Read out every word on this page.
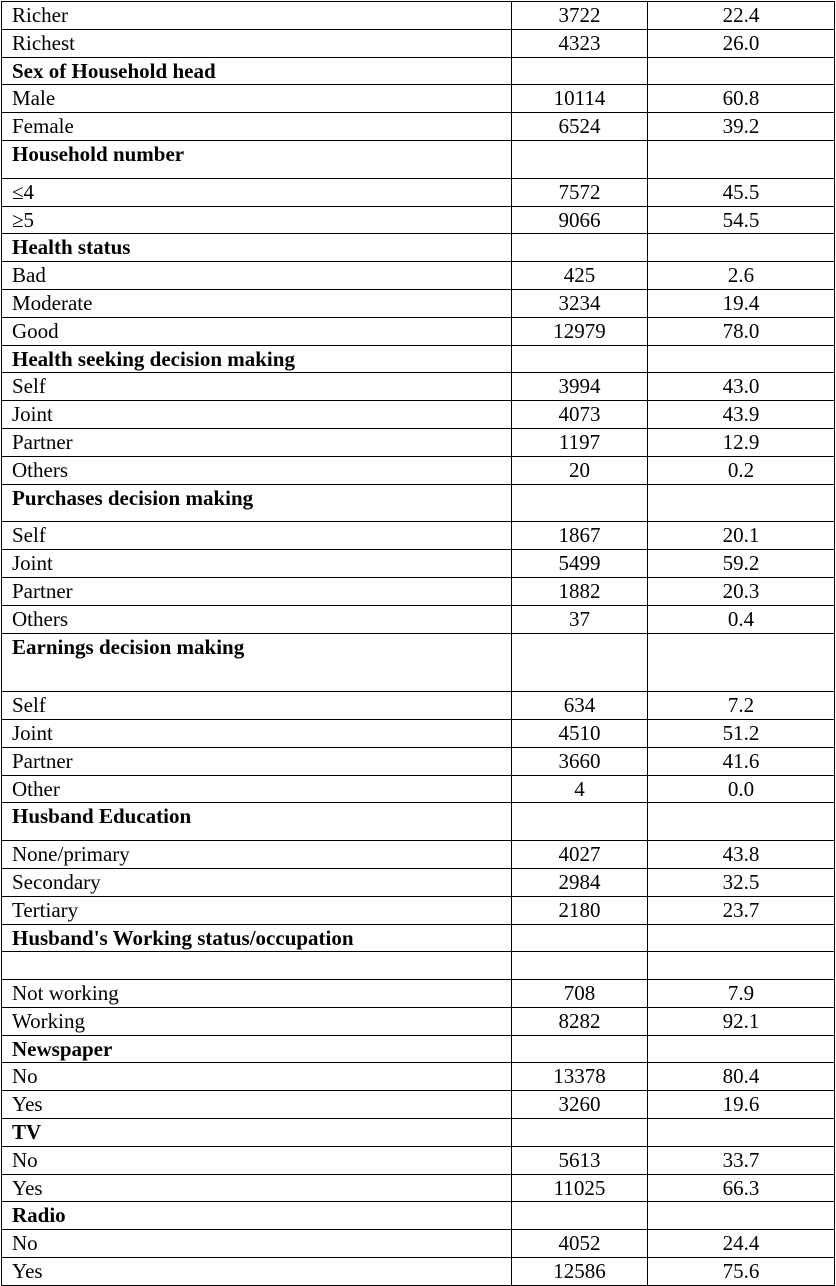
Richer	3722	22.4
Richest	4323	26.0
Sex of Household head		
Male	10114	60.8
Female	6524	39.2
Household number		
≤4	7572	45.5
≥5	9066	54.5
Health status		
Bad	425	2.6
Moderate	3234	19.4
Good	12979	78.0
Health seeking decision making		
Self	3994	43.0
Joint	4073	43.9
Partner	1197	12.9
Others	20	0.2
Purchases decision making		
Self	1867	20.1
Joint	5499	59.2
Partner	1882	20.3
Others	37	0.4
Earnings decision making		
Self	634	7.2
Joint	4510	51.2
Partner	3660	41.6
Other	4	0.0
Husband Education		
None/primary	4027	43.8
Secondary	2984	32.5
Tertiary	2180	23.7
Husband's Working status/occupation		

Not working	708	7.9
Working	8282	92.1
Newspaper		
No	13378	80.4
Yes	3260	19.6
TV		
No	5613	33.7
Yes	11025	66.3
Radio		
No	4052	24.4
Yes	12586	75.6
